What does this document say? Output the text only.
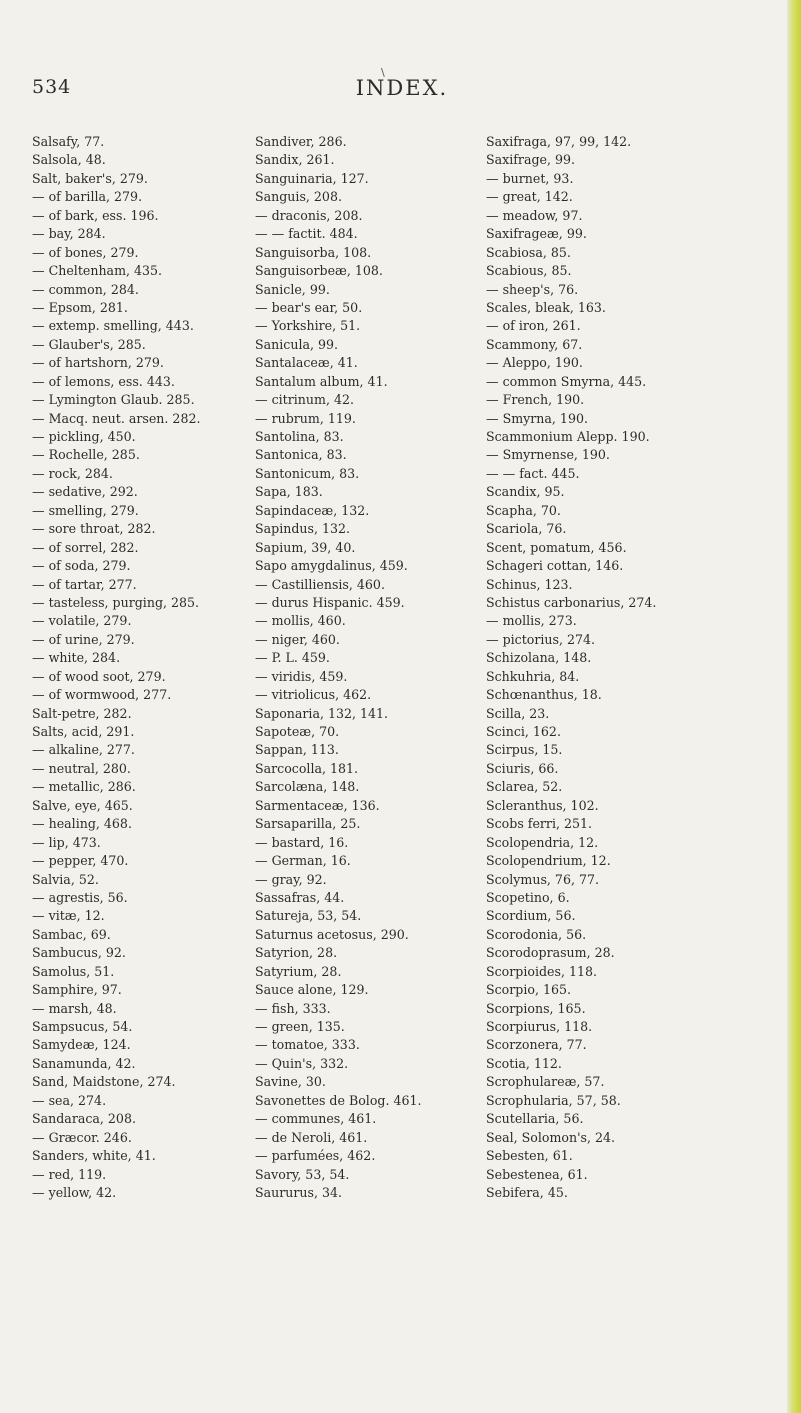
\
534	INDEX.
Salsafy, 77.
Salsola, 48.
Salt, baker's, 279.
— of barilla, 279.
— of bark, ess. 196.
— bay, 284.
— of bones, 279.
— Cheltenham, 435.
— common, 284.
— Epsom, 281.
— extemp. smelling, 443.
— Glauber's, 285.
— of hartshorn, 279.
— of lemons, ess. 443.
— Lymington Glaub. 285.
— Macq. neut. arsen. 282.
— pickling, 450.
— Rochelle, 285.
— rock, 284.
— sedative, 292.
— smelling, 279.
— sore throat, 282.
— of sorrel, 282.
— of soda, 279.
— of tartar, 277.
— tasteless, purging, 285.
— volatile, 279.
— of urine, 279.
— white, 284.
— of wood soot, 279.
— of wormwood, 277.
Salt-petre, 282.
Salts, acid, 291.
— alkaline, 277.
— neutral, 280.
— metallic, 286.
Salve, eye, 465.
— healing, 468.
— lip, 473.
— pepper, 470.
Salvia, 52.
— agrestis, 56.
— vitæ, 12.
Sambac, 69.
Sambucus, 92.
Samolus, 51.
Samphire, 97.
— marsh, 48.
Sampsucus, 54.
Samydeæ, 124.
Sanamunda, 42.
Sand, Maidstone, 274.
— sea, 274.
Sandaraca, 208.
— Græcor. 246.
Sanders, white, 41.
— red, 119.
— yellow, 42.
Sandiver, 286.
Sandix, 261.
Sanguinaria, 127.
Sanguis, 208.
— draconis, 208.
— — factit. 484.
Sanguisorba, 108.
Sanguisorbeæ, 108.
Sanicle, 99.
— bear's ear, 50.
— Yorkshire, 51.
Sanicula, 99.
Santalaceæ, 41.
Santalum album, 41.
— citrinum, 42.
— rubrum, 119.
Santolina, 83.
Santonica, 83.
Santonicum, 83.
Sapa, 183.
Sapindaceæ, 132.
Sapindus, 132.
Sapium, 39, 40.
Sapo amygdalinus, 459.
— Castilliensis, 460.
— durus Hispanic. 459.
— mollis, 460.
— niger, 460.
— P. L. 459.
— viridis, 459.
— vitriolicus, 462.
Saponaria, 132, 141.
Sapoteæ, 70.
Sappan, 113.
Sarcocolla, 181.
Sarcolæna, 148.
Sarmentaceæ, 136.
Sarsaparilla, 25.
— bastard, 16.
— German, 16.
— gray, 92.
Sassafras, 44.
Satureja, 53, 54.
Saturnus acetosus, 290.
Satyrion, 28.
Satyrium, 28.
Sauce alone, 129.
— fish, 333.
— green, 135.
— tomatoe, 333.
— Quin's, 332.
Savine, 30.
Savonettes de Bolog. 461.
— communes, 461.
— de Neroli, 461.
— parfumées, 462.
Savory, 53, 54.
Saururus, 34.
Saxifraga, 97, 99, 142.
Saxifrage, 99.
— burnet, 93.
— great, 142.
— meadow, 97.
Saxifrageæ, 99.
Scabiosa, 85.
Scabious, 85.
— sheep's, 76.
Scales, bleak, 163.
— of iron, 261.
Scammony, 67.
— Aleppo, 190.
— common Smyrna, 445.
— French, 190.
— Smyrna, 190.
Scammonium Alepp. 190.
— Smyrnense, 190.
— — fact. 445.
Scandix, 95.
Scapha, 70.
Scariola, 76.
Scent, pomatum, 456.
Schageri cottan, 146.
Schinus, 123.
Schistus carbonarius, 274.
— mollis, 273.
— pictorius, 274.
Schizolana, 148.
Schkuhria, 84.
Schœnanthus, 18.
Scilla, 23.
Scinci, 162.
Scirpus, 15.
Sciuris, 66.
Sclarea, 52.
Scleranthus, 102.
Scobs ferri, 251.
Scolopendria, 12.
Scolopendrium, 12.
Scolymus, 76, 77.
Scopetino, 6.
Scordium, 56.
Scorodonia, 56.
Scorodoprasum, 28.
Scorpioides, 118.
Scorpio, 165.
Scorpions, 165.
Scorpiurus, 118.
Scorzonera, 77.
Scotia, 112.
Scrophulareæ, 57.
Scrophularia, 57, 58.
Scutellaria, 56.
Seal, Solomon's, 24.
Sebesten, 61.
Sebestenea, 61.
Sebifera, 45.
